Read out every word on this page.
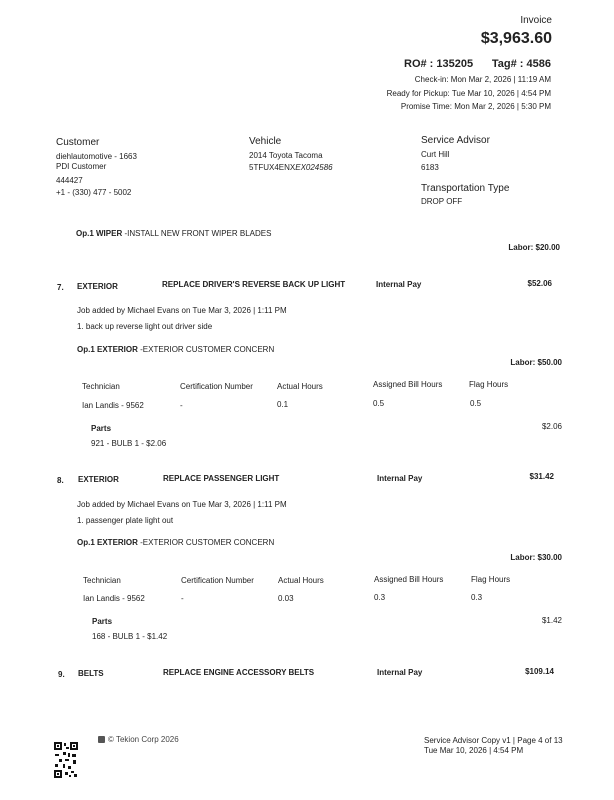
Invoice
$3,963.60
RO# : 135205 Tag# : 4586
Check-in: Mon Mar 2, 2026 | 11:19 AM
Ready for Pickup: Tue Mar 10, 2026 | 4:54 PM
Promise Time: Mon Mar 2, 2026 | 5:30 PM
Customer
diehlautomotive - 1663
PDI Customer
444427
+1 - (330) 477 - 5002
Vehicle
2014 Toyota Tacoma
5TFUX4ENXEX024586
Service Advisor
Curt Hill
6183
Transportation Type
DROP OFF
Op.1 WIPER -INSTALL NEW FRONT WIPER BLADES
Labor: $20.00
7. EXTERIOR	REPLACE DRIVER'S REVERSE BACK UP LIGHT	Internal Pay	$52.06
Job added by Michael Evans on Tue Mar 3, 2026 | 1:11 PM
1. back up reverse light out driver side
Op.1 EXTERIOR -EXTERIOR CUSTOMER CONCERN
Labor: $50.00
Technician	Certification Number	Actual Hours	Assigned Bill Hours	Flag Hours
Ian Landis - 9562	-	0.1	0.5	0.5
Parts	$2.06
921 - BULB 1 - $2.06
8. EXTERIOR	REPLACE PASSENGER LIGHT	Internal Pay	$31.42
Job added by Michael Evans on Tue Mar 3, 2026 | 1:11 PM
1. passenger plate light out
Op.1 EXTERIOR -EXTERIOR CUSTOMER CONCERN
Labor: $30.00
Technician	Certification Number	Actual Hours	Assigned Bill Hours	Flag Hours
Ian Landis - 9562	-	0.03	0.3	0.3
Parts	$1.42
168 - BULB 1 - $1.42
9. BELTS	REPLACE ENGINE ACCESSORY BELTS	Internal Pay	$109.14
© Tekion Corp 2026	Service Advisor Copy v1 | Page 4 of 13
Tue Mar 10, 2026 | 4:54 PM
